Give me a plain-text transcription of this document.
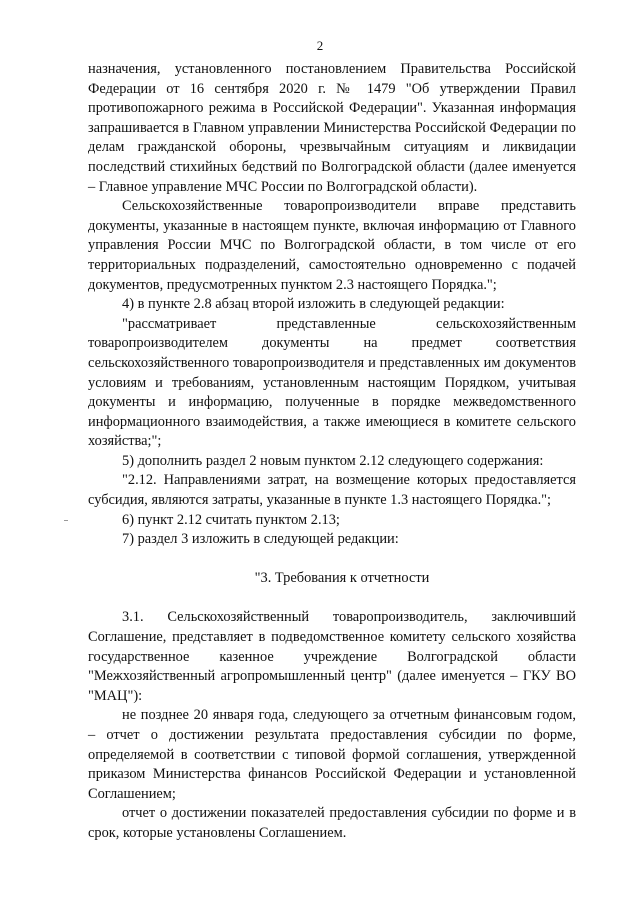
2

назначения, установленного постановлением Правительства Российской Федерации от 16 сентября 2020 г. № 1479 "Об утверждении Правил противопожарного режима в Российской Федерации". Указанная информация запрашивается в Главном управлении Министерства Российской Федерации по делам гражданской обороны, чрезвычайным ситуациям и ликвидации последствий стихийных бедствий по Волгоградской области (далее именуется – Главное управление МЧС России по Волгоградской области).

Сельскохозяйственные товаропроизводители вправе представить документы, указанные в настоящем пункте, включая информацию от Главного управления России МЧС по Волгоградской области, в том числе от его территориальных подразделений, самостоятельно одновременно с подачей документов, предусмотренных пунктом 2.3 настоящего Порядка.";

4) в пункте 2.8 абзац второй изложить в следующей редакции:

"рассматривает представленные сельскохозяйственным товаропроизводителем документы на предмет соответствия сельскохозяйственного товаропроизводителя и представленных им документов условиям и требованиям, установленным настоящим Порядком, учитывая документы и информацию, полученные в порядке межведомственного информационного взаимодействия, а также имеющиеся в комитете сельского хозяйства;";

5) дополнить раздел 2 новым пунктом 2.12 следующего содержания:

"2.12. Направлениями затрат, на возмещение которых предоставляется субсидия, являются затраты, указанные в пункте 1.3 настоящего Порядка.";

6) пункт 2.12 считать пунктом 2.13;

7) раздел 3 изложить в следующей редакции:

"3. Требования к отчетности

3.1. Сельскохозяйственный товаропроизводитель, заключивший Соглашение, представляет в подведомственное комитету сельского хозяйства государственное казенное учреждение Волгоградской области "Межхозяйственный агропромышленный центр" (далее именуется – ГКУ ВО "МАЦ"):

не позднее 20 января года, следующего за отчетным финансовым годом, – отчет о достижении результата предоставления субсидии по форме, определяемой в соответствии с типовой формой соглашения, утвержденной приказом Министерства финансов Российской Федерации и установленной Соглашением;

отчет о достижении показателей предоставления субсидии по форме и в срок, которые установлены Соглашением.
